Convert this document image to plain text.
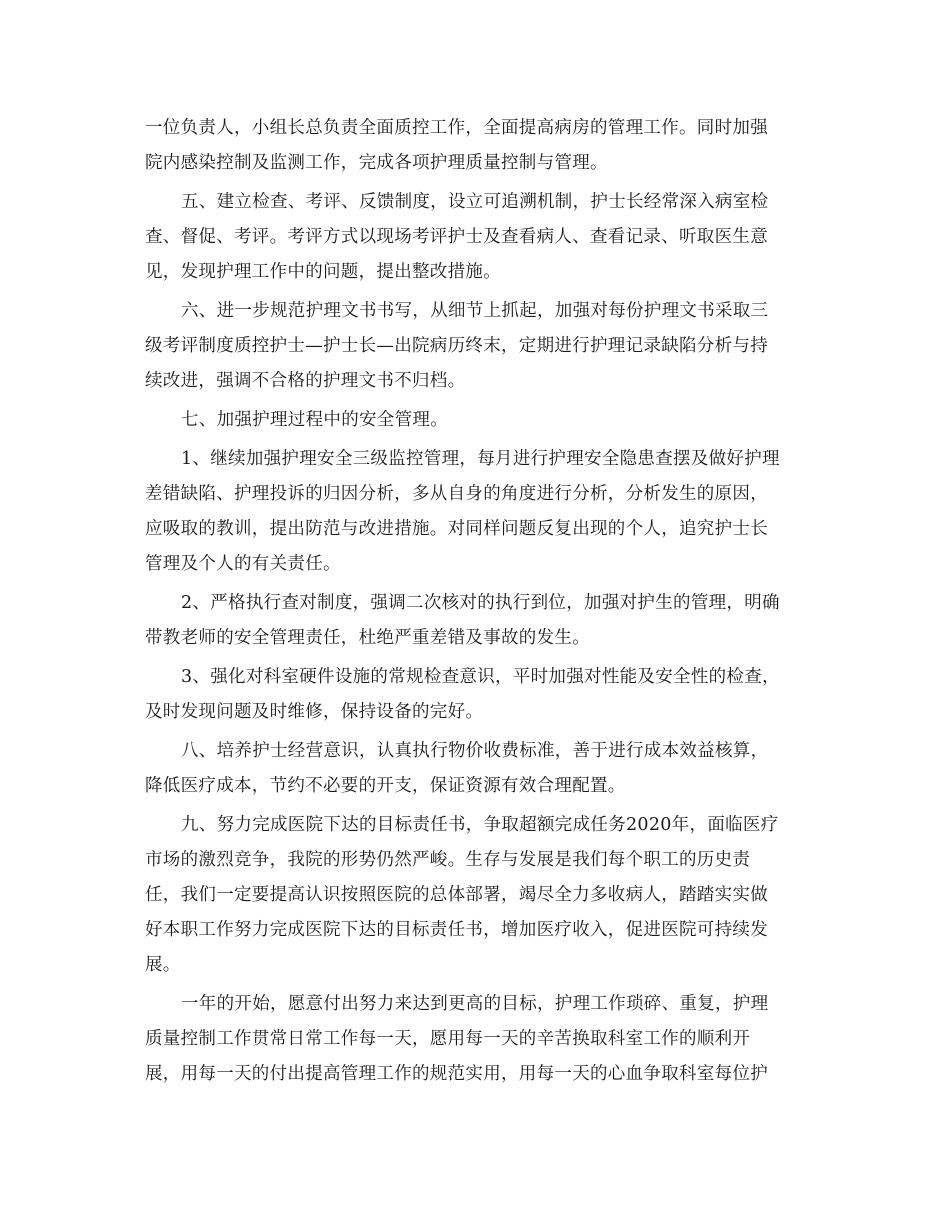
一位负责人，小组长总负责全面质控工作，全面提高病房的管理工作。同时加强
院内感染控制及监测工作，完成各项护理质量控制与管理。
五、建立检查、考评、反馈制度，设立可追溯机制，护士长经常深入病室检
查、督促、考评。考评方式以现场考评护士及查看病人、查看记录、听取医生意
见，发现护理工作中的问题，提出整改措施。
六、进一步规范护理文书书写，从细节上抓起，加强对每份护理文书采取三
级考评制度质控护士—护士长—出院病历终末，定期进行护理记录缺陷分析与持
续改进，强调不合格的护理文书不归档。
七、加强护理过程中的安全管理。
1、继续加强护理安全三级监控管理，每月进行护理安全隐患查摆及做好护理
差错缺陷、护理投诉的归因分析，多从自身的角度进行分析，分析发生的原因，
应吸取的教训，提出防范与改进措施。对同样问题反复出现的个人，追究护士长
管理及个人的有关责任。
2、严格执行查对制度，强调二次核对的执行到位，加强对护生的管理，明确
带教老师的安全管理责任，杜绝严重差错及事故的发生。
3、强化对科室硬件设施的常规检查意识，平时加强对性能及安全性的检查，
及时发现问题及时维修，保持设备的完好。
八、培养护士经营意识，认真执行物价收费标准，善于进行成本效益核算，
降低医疗成本，节约不必要的开支，保证资源有效合理配置。
九、努力完成医院下达的目标责任书，争取超额完成任务2020年，面临医疗
市场的激烈竞争，我院的形势仍然严峻。生存与发展是我们每个职工的历史责
任，我们一定要提高认识按照医院的总体部署，竭尽全力多收病人，踏踏实实做
好本职工作努力完成医院下达的目标责任书，增加医疗收入，促进医院可持续发
展。
一年的开始，愿意付出努力来达到更高的目标，护理工作琐碎、重复，护理
质量控制工作贯常日常工作每一天，愿用每一天的辛苦换取科室工作的顺利开
展，用每一天的付出提高管理工作的规范实用，用每一天的心血争取科室每位护
